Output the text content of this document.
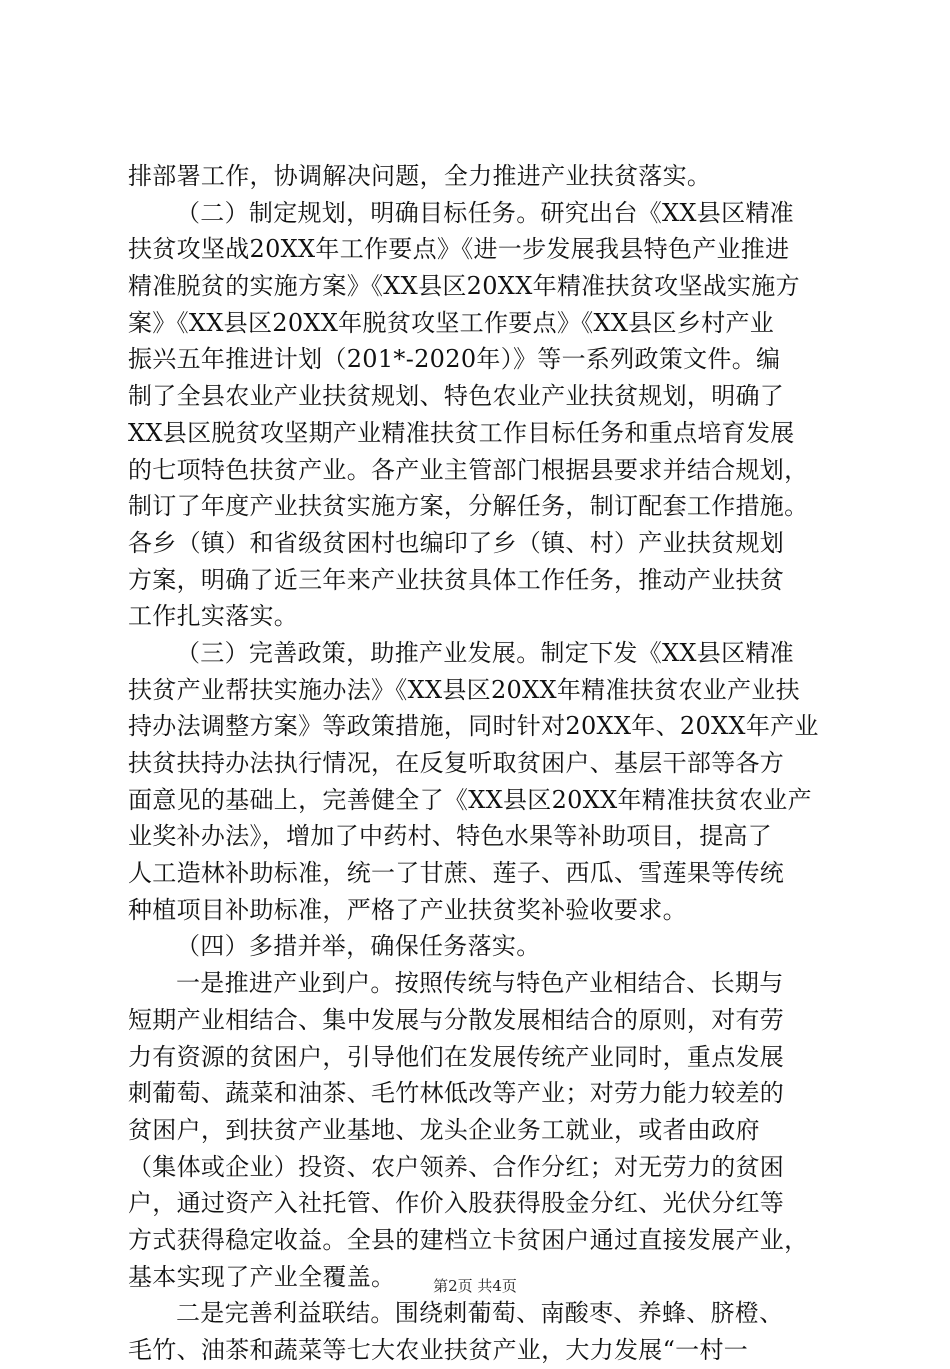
排部署工作，协调解决问题，全力推进产业扶贫落实。
（二）制定规划，明确目标任务。研究出台《XX县区精准
扶贫攻坚战20XX年工作要点》《进一步发展我县特色产业推进
精准脱贫的实施方案》《XX县区20XX年精准扶贫攻坚战实施方
案》《XX县区20XX年脱贫攻坚工作要点》《XX县区乡村产业
振兴五年推进计划（201*-2020年）》等一系列政策文件。编
制了全县农业产业扶贫规划、特色农业产业扶贫规划，明确了
XX县区脱贫攻坚期产业精准扶贫工作目标任务和重点培育发展
的七项特色扶贫产业。各产业主管部门根据县要求并结合规划，
制订了年度产业扶贫实施方案，分解任务，制订配套工作措施。
各乡（镇）和省级贫困村也编印了乡（镇、村）产业扶贫规划
方案，明确了近三年来产业扶贫具体工作任务，推动产业扶贫
工作扎实落实。
（三）完善政策，助推产业发展。制定下发《XX县区精准
扶贫产业帮扶实施办法》《XX县区20XX年精准扶贫农业产业扶
持办法调整方案》等政策措施，同时针对20XX年、20XX年产业
扶贫扶持办法执行情况，在反复听取贫困户、基层干部等各方
面意见的基础上，完善健全了《XX县区20XX年精准扶贫农业产
业奖补办法》，增加了中药村、特色水果等补助项目，提高了
人工造林补助标准，统一了甘蔗、莲子、西瓜、雪莲果等传统
种植项目补助标准，严格了产业扶贫奖补验收要求。
（四）多措并举，确保任务落实。
一是推进产业到户。按照传统与特色产业相结合、长期与
短期产业相结合、集中发展与分散发展相结合的原则，对有劳
力有资源的贫困户，引导他们在发展传统产业同时，重点发展
刺葡萄、蔬菜和油茶、毛竹林低改等产业；对劳力能力较差的
贫困户，到扶贫产业基地、龙头企业务工就业，或者由政府
（集体或企业）投资、农户领养、合作分红；对无劳力的贫困
户，通过资产入社托管、作价入股获得股金分红、光伏分红等
方式获得稳定收益。全县的建档立卡贫困户通过直接发展产业，
基本实现了产业全覆盖。
二是完善利益联结。围绕刺葡萄、南酸枣、养蜂、脐橙、
毛竹、油茶和蔬菜等七大农业扶贫产业，大力发展“一村一
第2页 共4页
